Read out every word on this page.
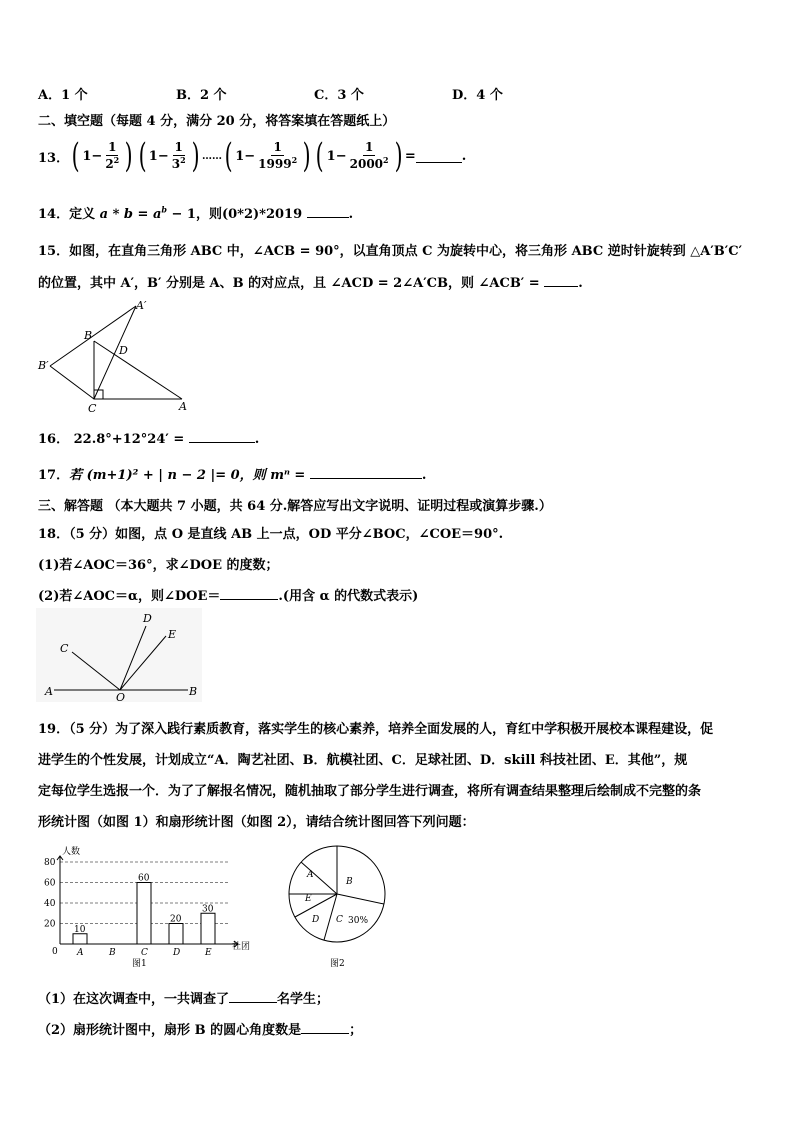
A．1 个	B．2 个	C．3 个	D．4 个
二、填空题（每题 4 分，满分 20 分，将答案填在答题纸上）
13． ( $1 - \frac{1}{2^2}$ ) ( $1 - \frac{1}{3^2}$ ) …… ( $1 - \frac{1}{1999^2}$ ) ( $1 - \frac{1}{2000^2}$ ) =	.
14．定义 $a * b = a^b - 1$，则(0*2)*2019	.
15．如图，在直角三角形 ABC 中，∠ACB = 90°，以直角顶点 C 为旋转中心，将三角形 ABC 逆时针旋转到 △A′B′C′
的位置，其中 A′，B′ 分别是 A、B 的对应点，且 ∠ACD = 2∠A′CB，则 ∠ACB′ =	.
A′
B
D
B′
C	A
16． 22.8°+12°24′ =	.
17．若 (m+1)² + | n − 2 |= 0，则 mⁿ =	.
三、解答题 （本大题共 7 小题，共 64 分.解答应写出文字说明、证明过程或演算步骤.）
18．（5 分）如图，点 O 是直线 AB 上一点，OD 平分∠BOC，∠COE＝90°.
(1)若∠AOC＝36°，求∠DOE 的度数；
(2)若∠AOC＝α，则∠DOE＝	.(用含 α 的代数式表示)
C
D
E
A	O	B
19．（5 分）为了深入践行素质教育，落实学生的核心素养，培养全面发展的人，育红中学积极开展校本课程建设，促
进学生的个性发展，计划成立“A．陶艺社团、B．航模社团、C．足球社团、D．skill 科技社团、E．其他”，规
定每位学生选报一个．为了了解报名情况，随机抽取了部分学生进行调查，将所有调查结果整理后绘制成不完整的条
形统计图（如图 1）和扇形统计图（如图 2），请结合统计图回答下列问题：
0
20
40
60
80
10
60
20
30
A	B	C	D	E
人数
社团
图1
A
B
C
D
E
30%
图2
（1）在这次调查中，一共调查了	名学生；
（2）扇形统计图中，扇形 B 的圆心角度数是	；
